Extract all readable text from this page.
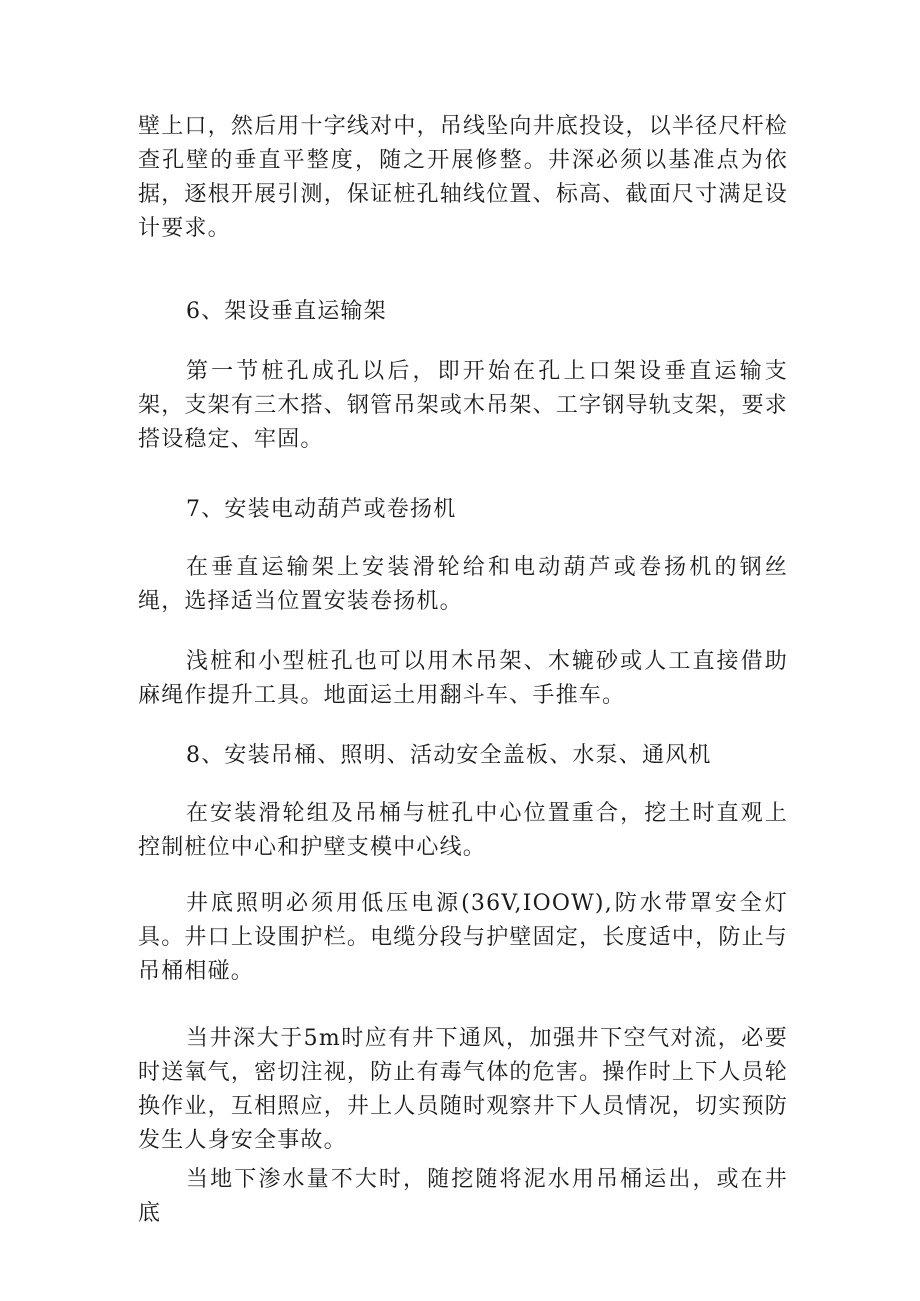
壁上口，然后用十字线对中，吊线坠向井底投设，以半径尺杆检查孔壁的垂直平整度，随之开展修整。井深必须以基准点为依据，逐根开展引测，保证桩孔轴线位置、标高、截面尺寸满足设计要求。

6、架设垂直运输架

第一节桩孔成孔以后，即开始在孔上口架设垂直运输支架，支架有三木搭、钢管吊架或木吊架、工字钢导轨支架，要求搭设稳定、牢固。

7、安装电动葫芦或卷扬机

在垂直运输架上安装滑轮给和电动葫芦或卷扬机的钢丝绳，选择适当位置安装卷扬机。

浅桩和小型桩孔也可以用木吊架、木辘砂或人工直接借助麻绳作提升工具。地面运土用翻斗车、手推车。

8、安装吊桶、照明、活动安全盖板、水泵、通风机

在安装滑轮组及吊桶与桩孔中心位置重合，挖土时直观上控制桩位中心和护壁支模中心线。

井底照明必须用低压电源(36V,IOOW),防水带罩安全灯具。井口上设围护栏。电缆分段与护壁固定，长度适中，防止与吊桶相碰。

当井深大于5m时应有井下通风，加强井下空气对流，必要时送氧气，密切注视，防止有毒气体的危害。操作时上下人员轮换作业，互相照应，井上人员随时观察井下人员情况，切实预防发生人身安全事故。

当地下渗水量不大时，随挖随将泥水用吊桶运出，或在井底
